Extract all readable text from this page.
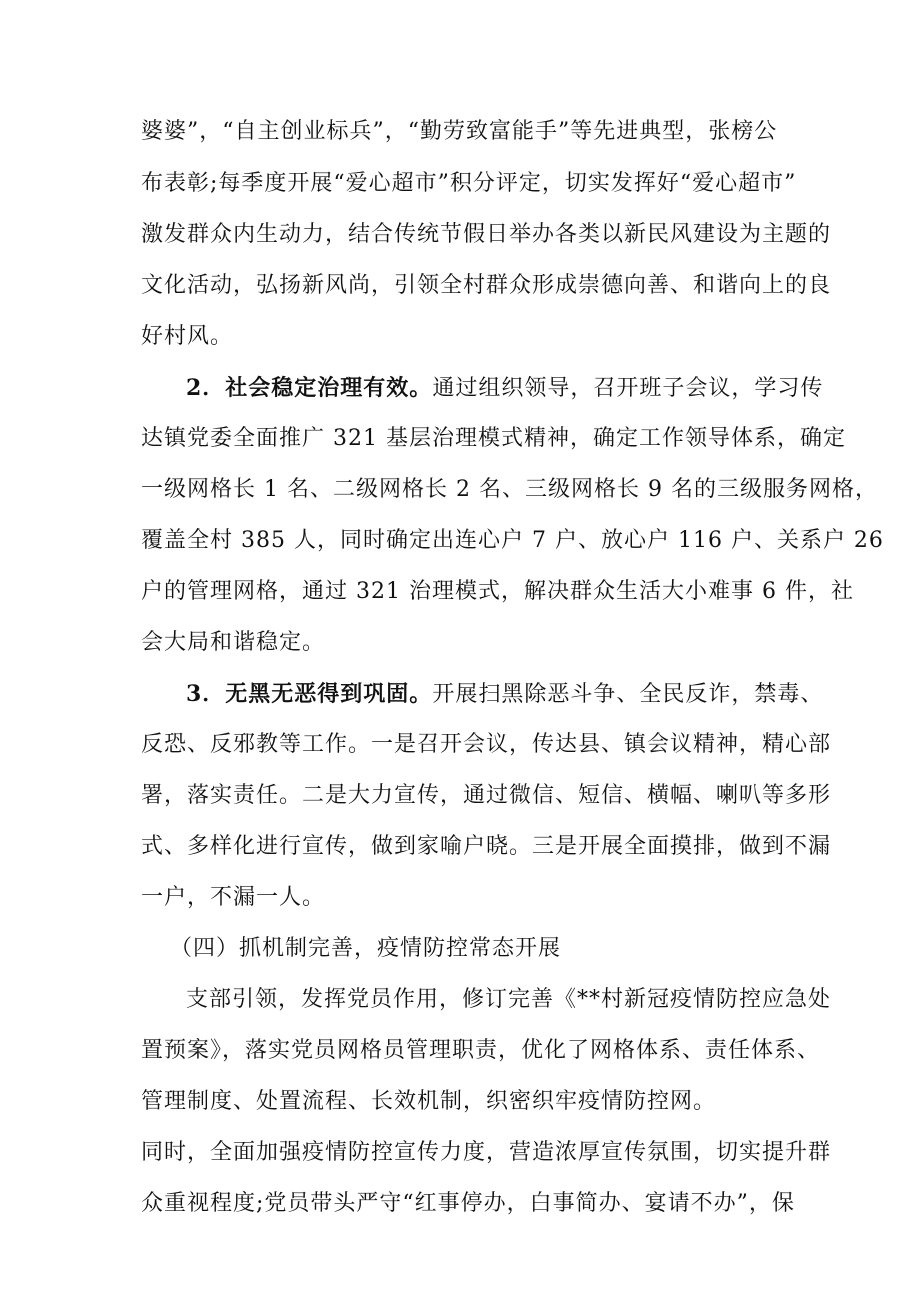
婆婆”，“自主创业标兵”，“勤劳致富能手”等先进典型，张榜公
布表彰;每季度开展“爱心超市”积分评定，切实发挥好“爱心超市”
激发群众内生动力，结合传统节假日举办各类以新民风建设为主题的
文化活动，弘扬新风尚，引领全村群众形成崇德向善、和谐向上的良
好村风。
2．社会稳定治理有效。通过组织领导，召开班子会议，学习传
达镇党委全面推广 321 基层治理模式精神，确定工作领导体系，确定
一级网格长 1 名、二级网格长 2 名、三级网格长 9 名的三级服务网格，
覆盖全村 385 人，同时确定出连心户 7 户、放心户 116 户、关系户 26
户的管理网格，通过 321 治理模式，解决群众生活大小难事 6 件，社
会大局和谐稳定。
3．无黑无恶得到巩固。开展扫黑除恶斗争、全民反诈，禁毒、
反恐、反邪教等工作。一是召开会议，传达县、镇会议精神，精心部
署，落实责任。二是大力宣传，通过微信、短信、横幅、喇叭等多形
式、多样化进行宣传，做到家喻户晓。三是开展全面摸排，做到不漏
一户，不漏一人。
（四）抓机制完善，疫情防控常态开展
支部引领，发挥党员作用，修订完善《**村新冠疫情防控应急处
置预案》，落实党员网格员管理职责，优化了网格体系、责任体系、
管理制度、处置流程、长效机制，织密织牢疫情防控网。
同时，全面加强疫情防控宣传力度，营造浓厚宣传氛围，切实提升群
众重视程度;党员带头严守“红事停办，白事简办、宴请不办”，保
